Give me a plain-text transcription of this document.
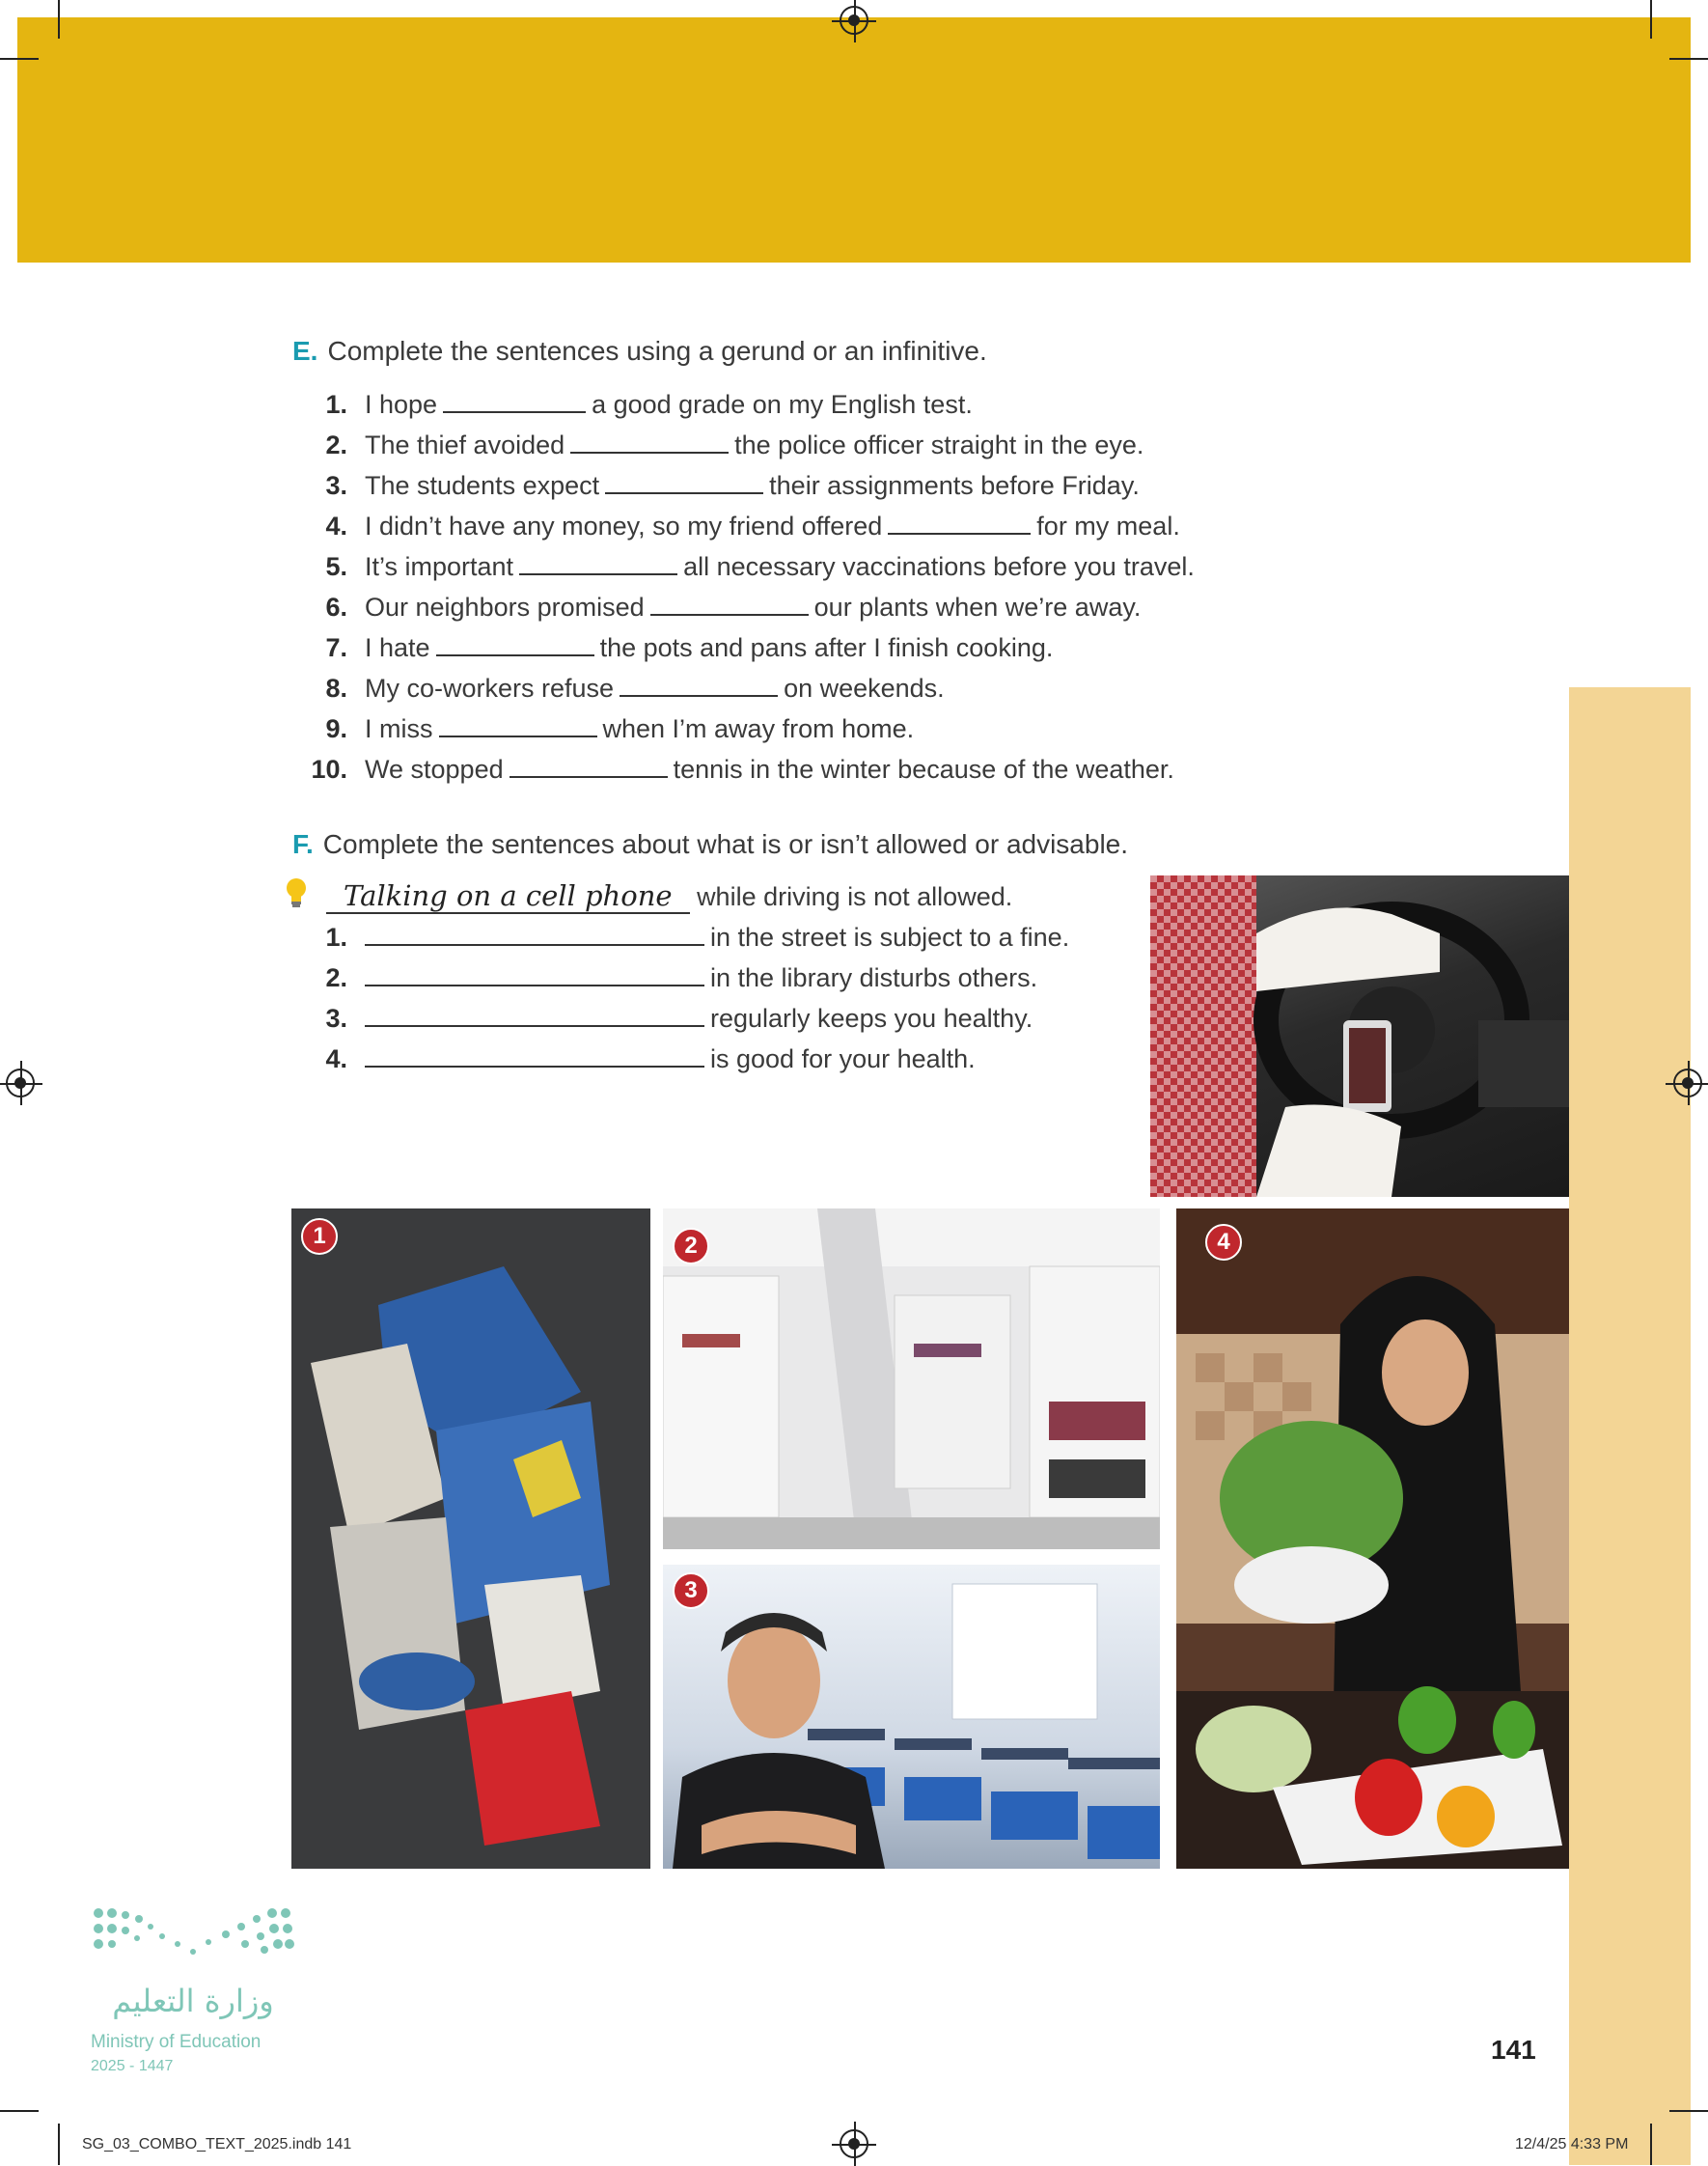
E. Complete the sentences using a gerund or an infinitive.
1. I hope	a good grade on my English test.
2. The thief avoided	the police officer straight in the eye.
3. The students expect	their assignments before Friday.
4. I didn’t have any money, so my friend offered	for my meal.
5. It’s important	all necessary vaccinations before you travel.
6. Our neighbors promised	our plants when we’re away.
7. I hate	the pots and pans after I finish cooking.
8. My co-workers refuse	on weekends.
9. I miss	when I’m away from home.
10. We stopped	tennis in the winter because of the weather.
F. Complete the sentences about what is or isn’t allowed or advisable.
Talking on a cell phone while driving is not allowed.
1.	in the street is subject to a fine.
2.	in the library disturbs others.
3.	regularly keeps you healthy.
4.	is good for your health.
1	2
3
4
وزارة التعليم
Ministry of Education
2025 - 1447
141
SG_03_COMBO_TEXT_2025.indb 141	12/4/25 4:33 PM
